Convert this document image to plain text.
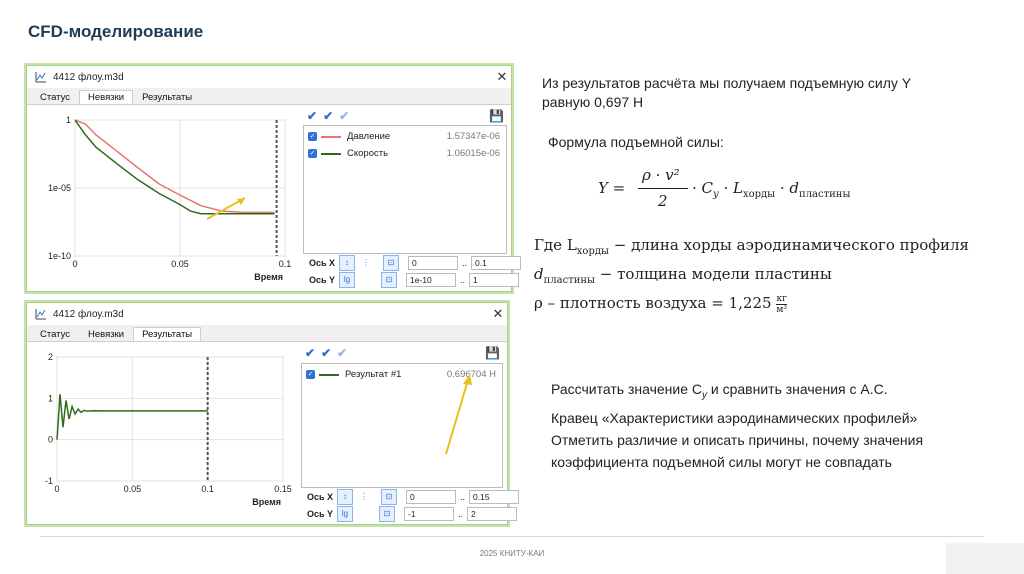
CFD-моделирование
4412 флоу.m3d	✕
Статус	Невязки	Результаты
1
1e-05
1e-10
0	0.05	0.1
Время
✓	Давление	1.57347e-06
✓	Скорость	1.06015e-06
✔ ✔ ✔	💾
Ось X	↕	⋮	⊡	0	.. 0.1
Ось Y	lg	⊡	1e-10	.. 1
4412 флоу.m3d	✕
Статус	Невязки	Результаты
2
1
0
-1
0	0.05	0.1	0.15
Время
✓	Результат #1	0.696704 Н
✔ ✔ ✔	💾
Ось X	↕	⋮	⊡	0	.. 0.15
Ось Y	lg	⊡	-1	.. 2
Из результатов расчёта мы получаем подъемную силу Y
равную 0,697 Н
Формула подъемной силы:
Y =
ρ · v²
2
· $C_y \cdot L_{хорды} \cdot d_{пластины}$
Где $L_{хорды}$ − длина хорды аэродинамического профиля
$d_{пластины}$ − толщина модели пластины
ρ – плотность воздуха = 1,225 кг
м³
Рассчитать значение $C_y$ и сравнить значения с А.С.
Кравец «Характеристики аэродинамических профилей»
Отметить различие и описать причины, почему значения
коэффициента подъемной силы могут не совпадать
2025 КНИТУ-КАИ
